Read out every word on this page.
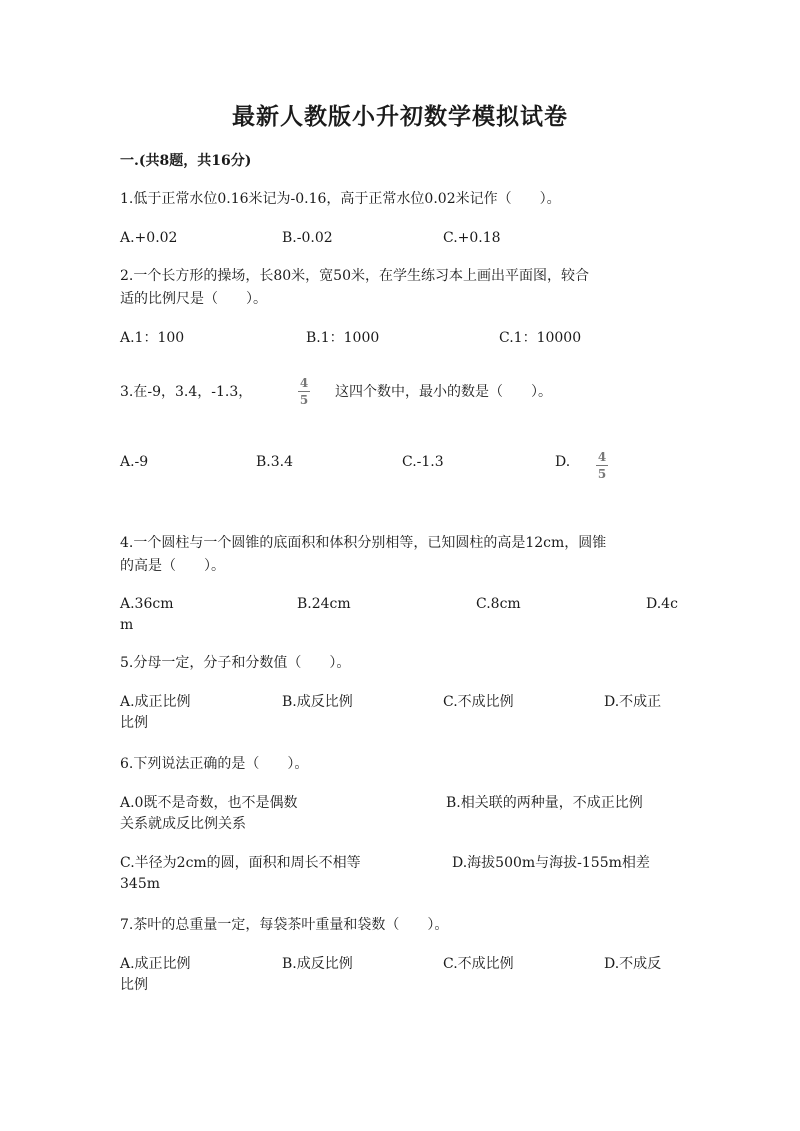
最新人教版小升初数学模拟试卷
一.(共8题，共16分)
1.低于正常水位0.16米记为-0.16，高于正常水位0.02米记作（　　）。
A.+0.02	B.-0.02	C.+0.18
2.一个长方形的操场，长80米，宽50米，在学生练习本上画出平面图，较合
适的比例尺是（　　）。
A.1：100	B.1：1000	C.1：10000
3.在-9，3.4，-1.3，
4
5 这四个数中，最小的数是（　　）。
A.-9	B.3.4	C.-1.3	D.	4
5
4.一个圆柱与一个圆锥的底面积和体积分别相等，已知圆柱的高是12cm，圆锥
的高是（　　）。
A.36cm	B.24cm	C.8cm	D.4c
m
5.分母一定，分子和分数值（　　）。
A.成正比例	B.成反比例	C.不成比例	D.不成正
比例
6.下列说法正确的是（　　）。
A.0既不是奇数，也不是偶数	B.相关联的两种量，不成正比例
关系就成反比例关系
C.半径为2cm的圆，面积和周长不相等	D.海拔500m与海拔-155m相差
345m
7.茶叶的总重量一定，每袋茶叶重量和袋数（　　）。
A.成正比例	B.成反比例	C.不成比例	D.不成反
比例
